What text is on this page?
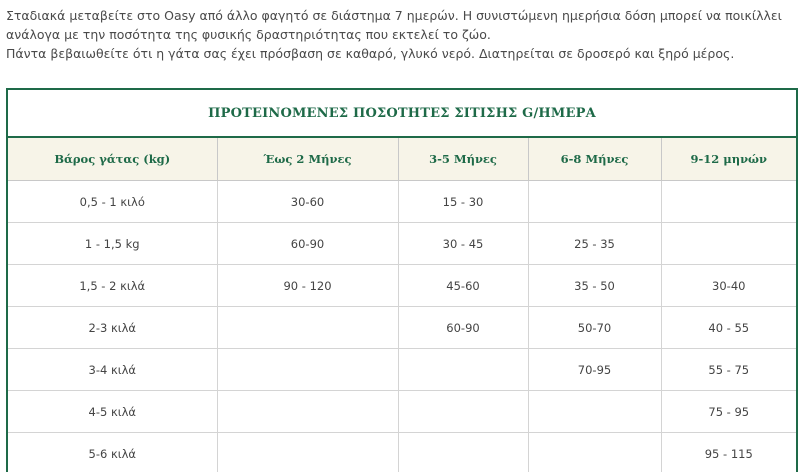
Σταδιακά μεταβείτε στο Oasy από άλλο φαγητό σε διάστημα 7 ημερών. Η συνιστώμενη ημερήσια δόση μπορεί να ποικίλλει ανάλογα με την ποσότητα της φυσικής δραστηριότητας που εκτελεί το ζώο.

Πάντα βεβαιωθείτε ότι η γάτα σας έχει πρόσβαση σε καθαρό, γλυκό νερό. Διατηρείται σε δροσερό και ξηρό μέρος.

ΠΡΟΤΕΙΝΟΜΕΝΕΣ ΠΟΣΟΤΗΤΕΣ ΣΙΤΙΣΗΣ G/ΗΜΕΡΑ
Βάρος γάτας (kg)	Έως 2 Μήνες	3-5 Μήνες	6-8 Μήνες	9-12 μηνών
0,5 - 1 κιλό	30-60	15 - 30		
1 - 1,5 kg	60-90	30 - 45	25 - 35	
1,5 - 2 κιλά	90 - 120	45-60	35 - 50	30-40
2-3 κιλά		60-90	50-70	40 - 55
3-4 κιλά			70-95	55 - 75
4-5 κιλά				75 - 95
5-6 κιλά				95 - 115
